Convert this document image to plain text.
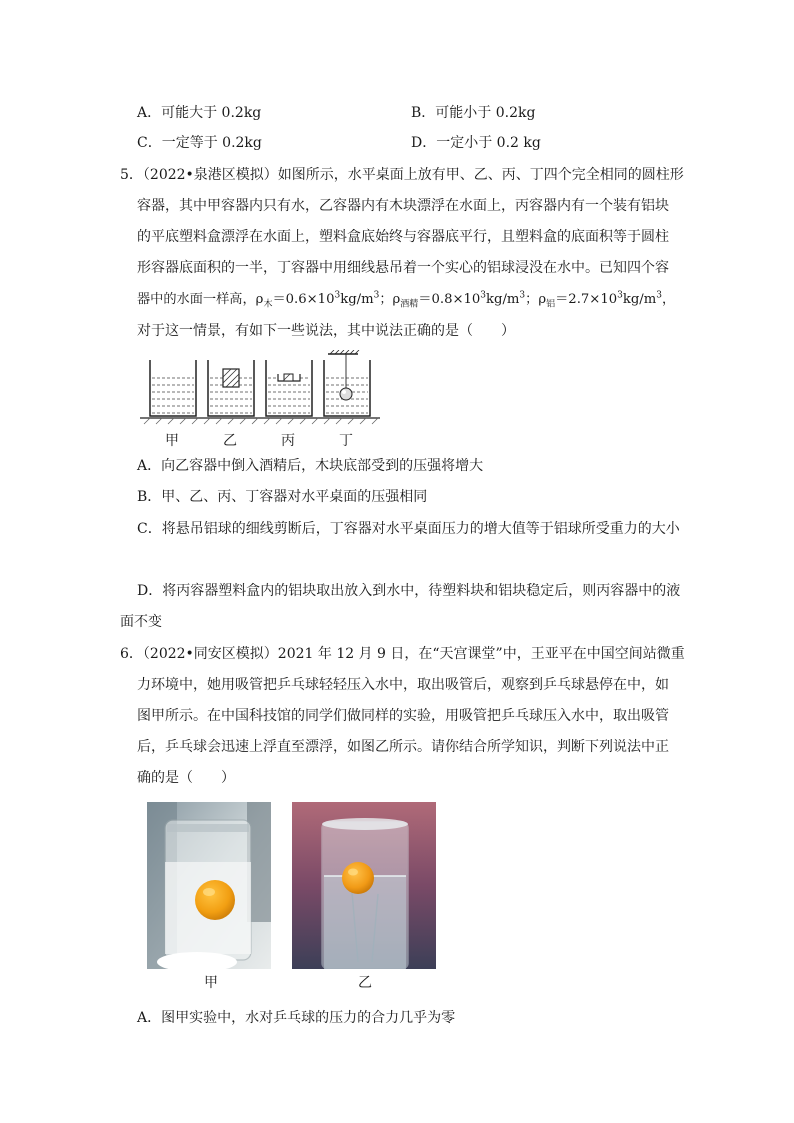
A．可能大于 0.2kg	B．可能小于 0.2kg
C．一定等于 0.2kg	D．一定小于 0.2 kg
5．（2022•泉港区模拟）如图所示，水平桌面上放有甲、乙、丙、丁四个完全相同的圆柱形
容器，其中甲容器内只有水，乙容器内有木块漂浮在水面上，丙容器内有一个装有铝块
的平底塑料盒漂浮在水面上，塑料盒底始终与容器底平行，且塑料盒的底面积等于圆柱
形容器底面积的一半，丁容器中用细线悬吊着一个实心的铝球浸没在水中。已知四个容
器中的水面一样高，$\rho_木=0.6\times 10^3kg/m^3$；$\rho_{酒精}=0.8\times 10^3kg/m^3$；$\rho_铝=2.7\times 10^3kg/m^3$，
对于这一情景，有如下一些说法，其中说法正确的是（　　）
甲	乙	丙	丁
A．向乙容器中倒入酒精后，木块底部受到的压强将增大
B．甲、乙、丙、丁容器对水平桌面的压强相同
C．将悬吊铝球的细线剪断后，丁容器对水平桌面压力的增大值等于铝球所受重力的大小
D．将丙容器塑料盒内的铝块取出放入到水中，待塑料块和铝块稳定后，则丙容器中的液
面不变
6．（2022•同安区模拟）2021 年 12 月 9 日，在“天宫课堂”中，王亚平在中国空间站微重
力环境中，她用吸管把乒乓球轻轻压入水中，取出吸管后，观察到乒乓球悬停在中，如
图甲所示。在中国科技馆的同学们做同样的实验，用吸管把乒乓球压入水中，取出吸管
后，乒乓球会迅速上浮直至漂浮，如图乙所示。请你结合所学知识，判断下列说法中正
确的是（　　）
甲	乙
A．图甲实验中，水对乒乓球的压力的合力几乎为零
